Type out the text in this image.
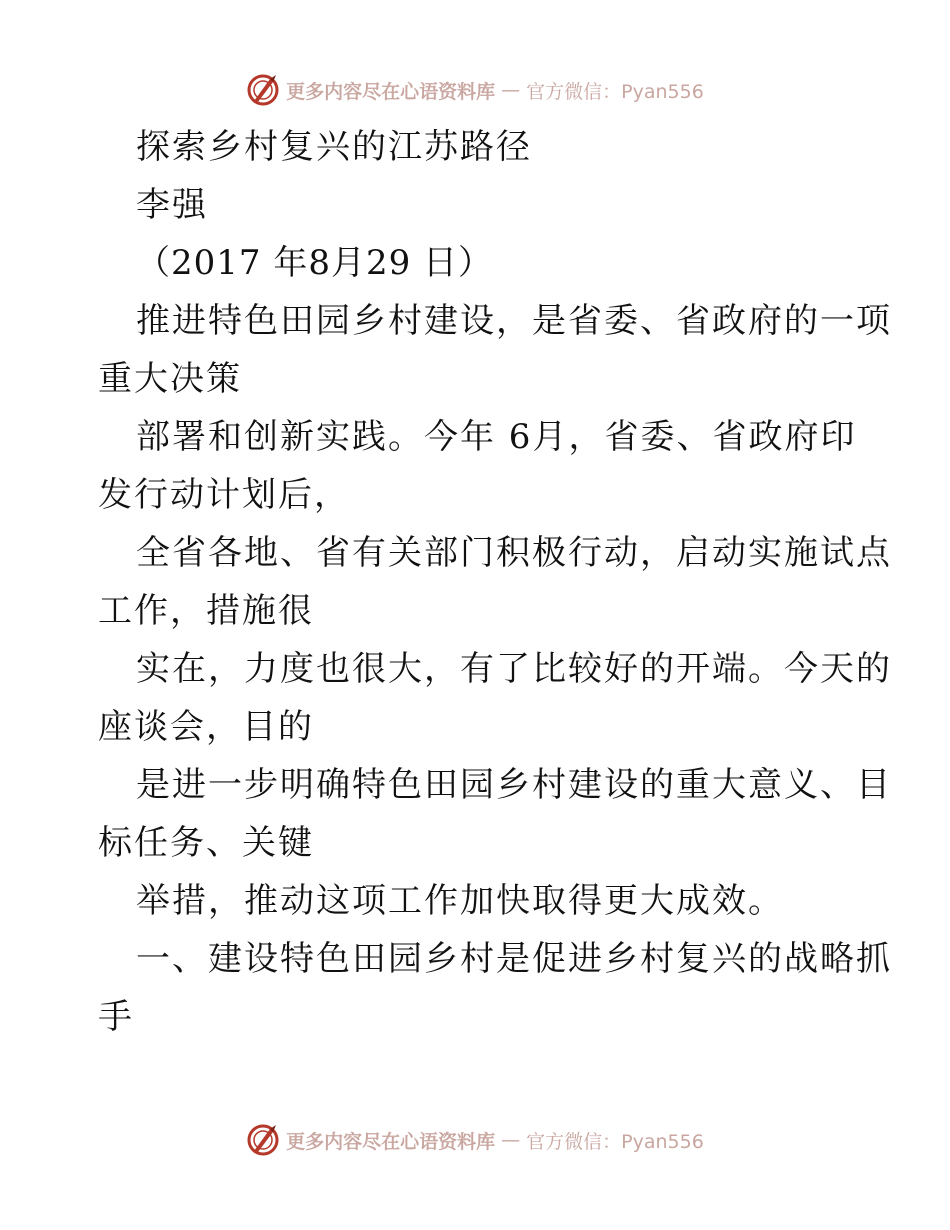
更多内容尽在心语资料库 — 官方微信：Pyan556
探索乡村复兴的江苏路径
李强
（2017 年8月29 日）
推进特色田园乡村建设，是省委、省政府的一项
重大决策
部署和创新实践。今年 6月，省委、省政府印
发行动计划后，
全省各地、省有关部门积极行动，启动实施试点
工作，措施很
实在，力度也很大，有了比较好的开端。今天的
座谈会，目的
是进一步明确特色田园乡村建设的重大意义、目
标任务、关键
举措，推动这项工作加快取得更大成效。
一、建设特色田园乡村是促进乡村复兴的战略抓
手
更多内容尽在心语资料库 — 官方微信：Pyan556
